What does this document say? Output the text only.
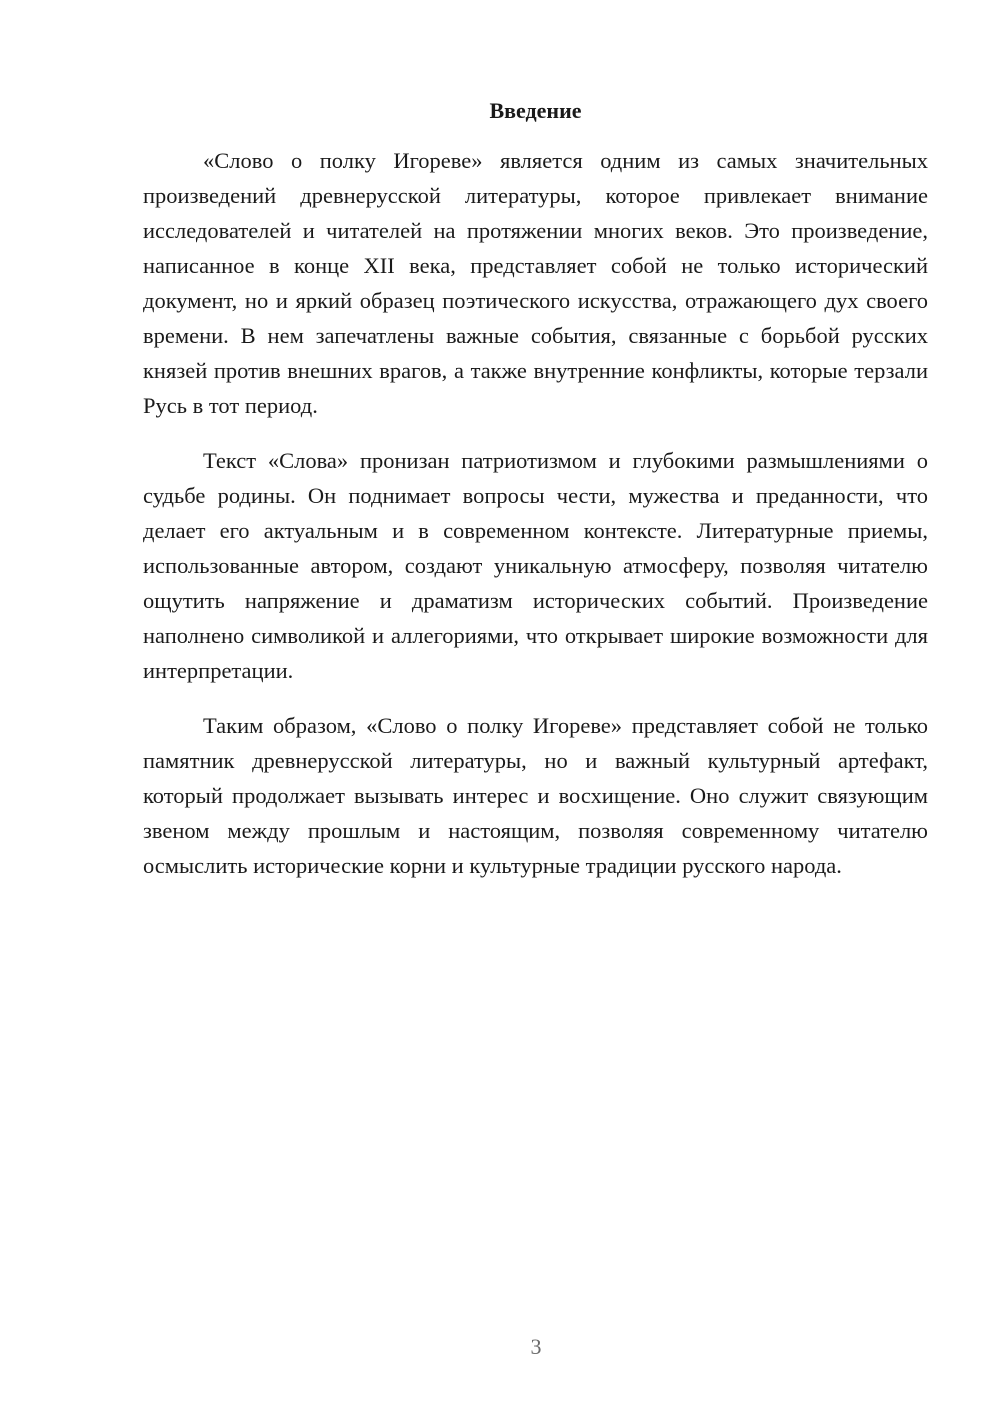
Введение

«Слово о полку Игореве» является одним из самых значительных произведений древнерусской литературы, которое привлекает внимание исследователей и читателей на протяжении многих веков. Это произведение, написанное в конце XII века, представляет собой не только исторический документ, но и яркий образец поэтического искусства, отражающего дух своего времени. В нем запечатлены важные события, связанные с борьбой русских князей против внешних врагов, а также внутренние конфликты, которые терзали Русь в тот период.

Текст «Слова» пронизан патриотизмом и глубокими размышлениями о судьбе родины. Он поднимает вопросы чести, мужества и преданности, что делает его актуальным и в современном контексте. Литературные приемы, использованные автором, создают уникальную атмосферу, позволяя читателю ощутить напряжение и драматизм исторических событий. Произведение наполнено символикой и аллегориями, что открывает широкие возможности для интерпретации.

Таким образом, «Слово о полку Игореве» представляет собой не только памятник древнерусской литературы, но и важный культурный артефакт, который продолжает вызывать интерес и восхищение. Оно служит связующим звеном между прошлым и настоящим, позволяя современному читателю осмыслить исторические корни и культурные традиции русского народа.

3
